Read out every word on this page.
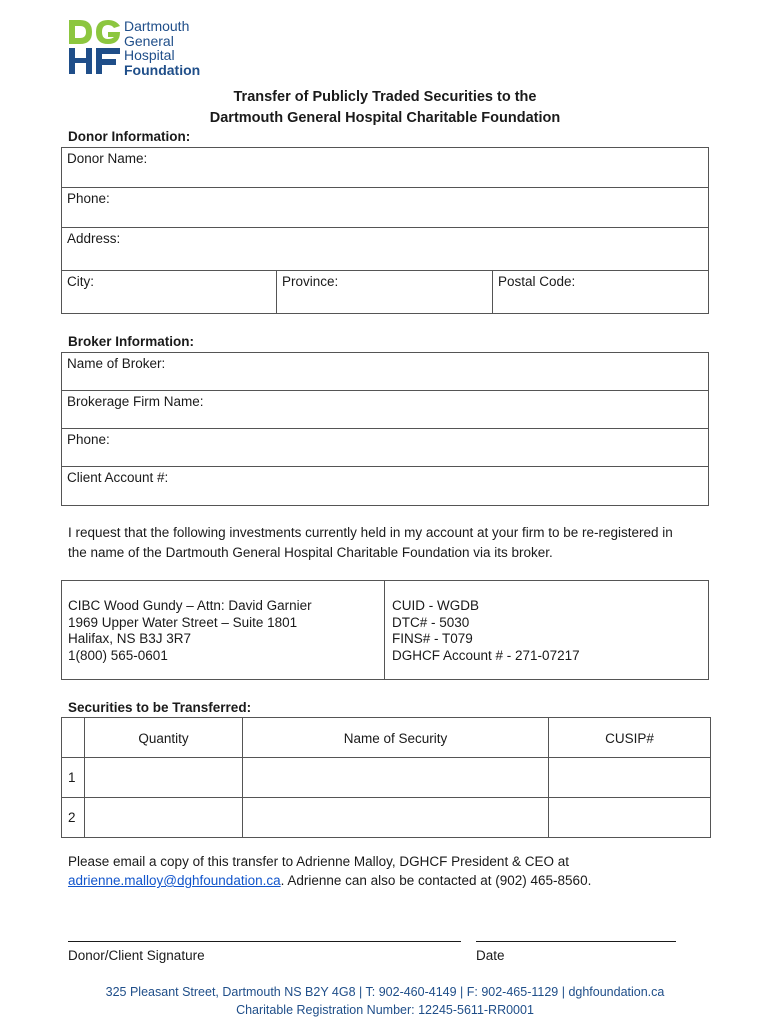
Dartmouth
General
Hospital
Foundation
Transfer of Publicly Traded Securities to the
Dartmouth General Hospital Charitable Foundation
Donor Information:
Donor Name:
Phone:
Address:
City:	Province:	Postal Code:
Broker Information:
Name of Broker:
Brokerage Firm Name:
Phone:
Client Account #:
I request that the following investments currently held in my account at your firm to be re-registered in
the name of the Dartmouth General Hospital Charitable Foundation via its broker.
CIBC Wood Gundy – Attn: David Garnier
1969 Upper Water Street – Suite 1801
Halifax, NS B3J 3R7
1(800) 565-0601
CUID - WGDB
DTC# - 5030
FINS# - T079
DGHCF Account # - 271-07217
Securities to be Transferred:
	Quantity	Name of Security	CUSIP#
1			
2			
Please email a copy of this transfer to Adrienne Malloy, DGHCF President & CEO at
adrienne.malloy@dghfoundation.ca. Adrienne can also be contacted at (902) 465-8560.
Donor/Client Signature	Date
325 Pleasant Street, Dartmouth NS B2Y 4G8 | T: 902-460-4149 | F: 902-465-1129 | dghfoundation.ca
Charitable Registration Number: 12245-5611-RR0001
